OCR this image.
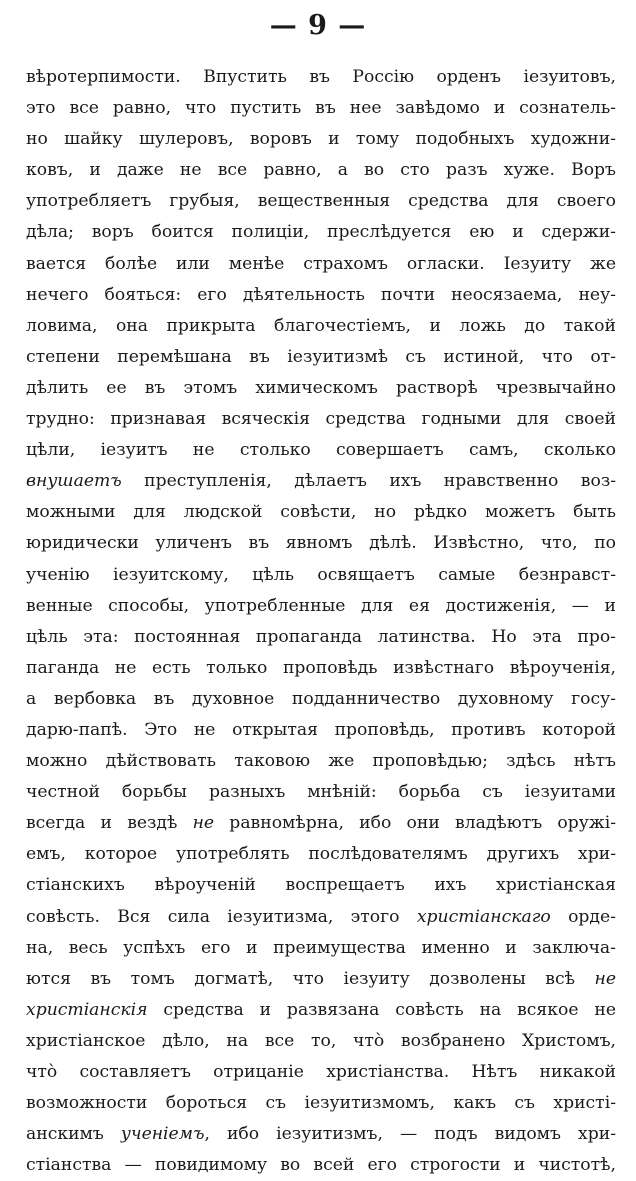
— 9 —
вѣротерпимости. Впустить въ Россію орденъ іезуитовъ,
это все равно, что пустить въ нее завѣдомо и сознатель-
но шайку шулеровъ, воровъ и тому подобныхъ художни-
ковъ, и даже не все равно, а во сто разъ хуже. Воръ
употребляетъ грубыя, вещественныя средства для своего
дѣла; воръ боится полиціи, преслѣдуется ею и сдержи-
вается болѣе или менѣе страхомъ огласки. Іезуиту же
нечего бояться: его дѣятельность почти неосязаема, неу-
ловима, она прикрыта благочестіемъ, и ложь до такой
степени перемѣшана въ іезуитизмѣ съ истиной, что от-
дѣлить ее въ этомъ химическомъ растворѣ чрезвычайно
трудно: признавая всяческія средства годными для своей
цѣли, іезуитъ не столько совершаетъ самъ, сколько
внушаетъ преступленія, дѣлаетъ ихъ нравственно воз-
можными для людской совѣсти, но рѣдко можетъ быть
юридически уличенъ въ явномъ дѣлѣ. Извѣстно, что, по
ученію іезуитскому, цѣль освящаетъ самые безнравст-
венные способы, употребленные для ея достиженія, — и
цѣль эта: постоянная пропаганда латинства. Но эта про-
паганда не есть только проповѣдь извѣстнаго вѣроученія,
а вербовка въ духовное подданничество духовному госу-
дарю-папѣ. Это не открытая проповѣдь, противъ которой
можно дѣйствовать таковою же проповѣдью; здѣсь нѣтъ
честной борьбы разныхъ мнѣній: борьба съ іезуитами
всегда и вездѣ не равномѣрна, ибо они владѣютъ оружі-
емъ, которое употреблять послѣдователямъ другихъ хри-
стіанскихъ вѣроученій воспрещаетъ ихъ христіанская
совѣсть. Вся сила іезуитизма, этого христіанскаго орде-
на, весь успѣхъ его и преимущества именно и заключа-
ются въ томъ догматѣ, что іезуиту дозволены всѣ не
христіанскія средства и развязана совѣсть на всякое не
христіанское дѣло, на все то, что̀ возбранено Христомъ,
что̀ составляетъ отрицаніе христіанства. Нѣтъ никакой
возможности бороться съ іезуитизмомъ, какъ съ христі-
анскимъ ученіемъ, ибо іезуитизмъ, — подъ видомъ хри-
стіанства — повидимому во всей его строгости и чистотѣ,
